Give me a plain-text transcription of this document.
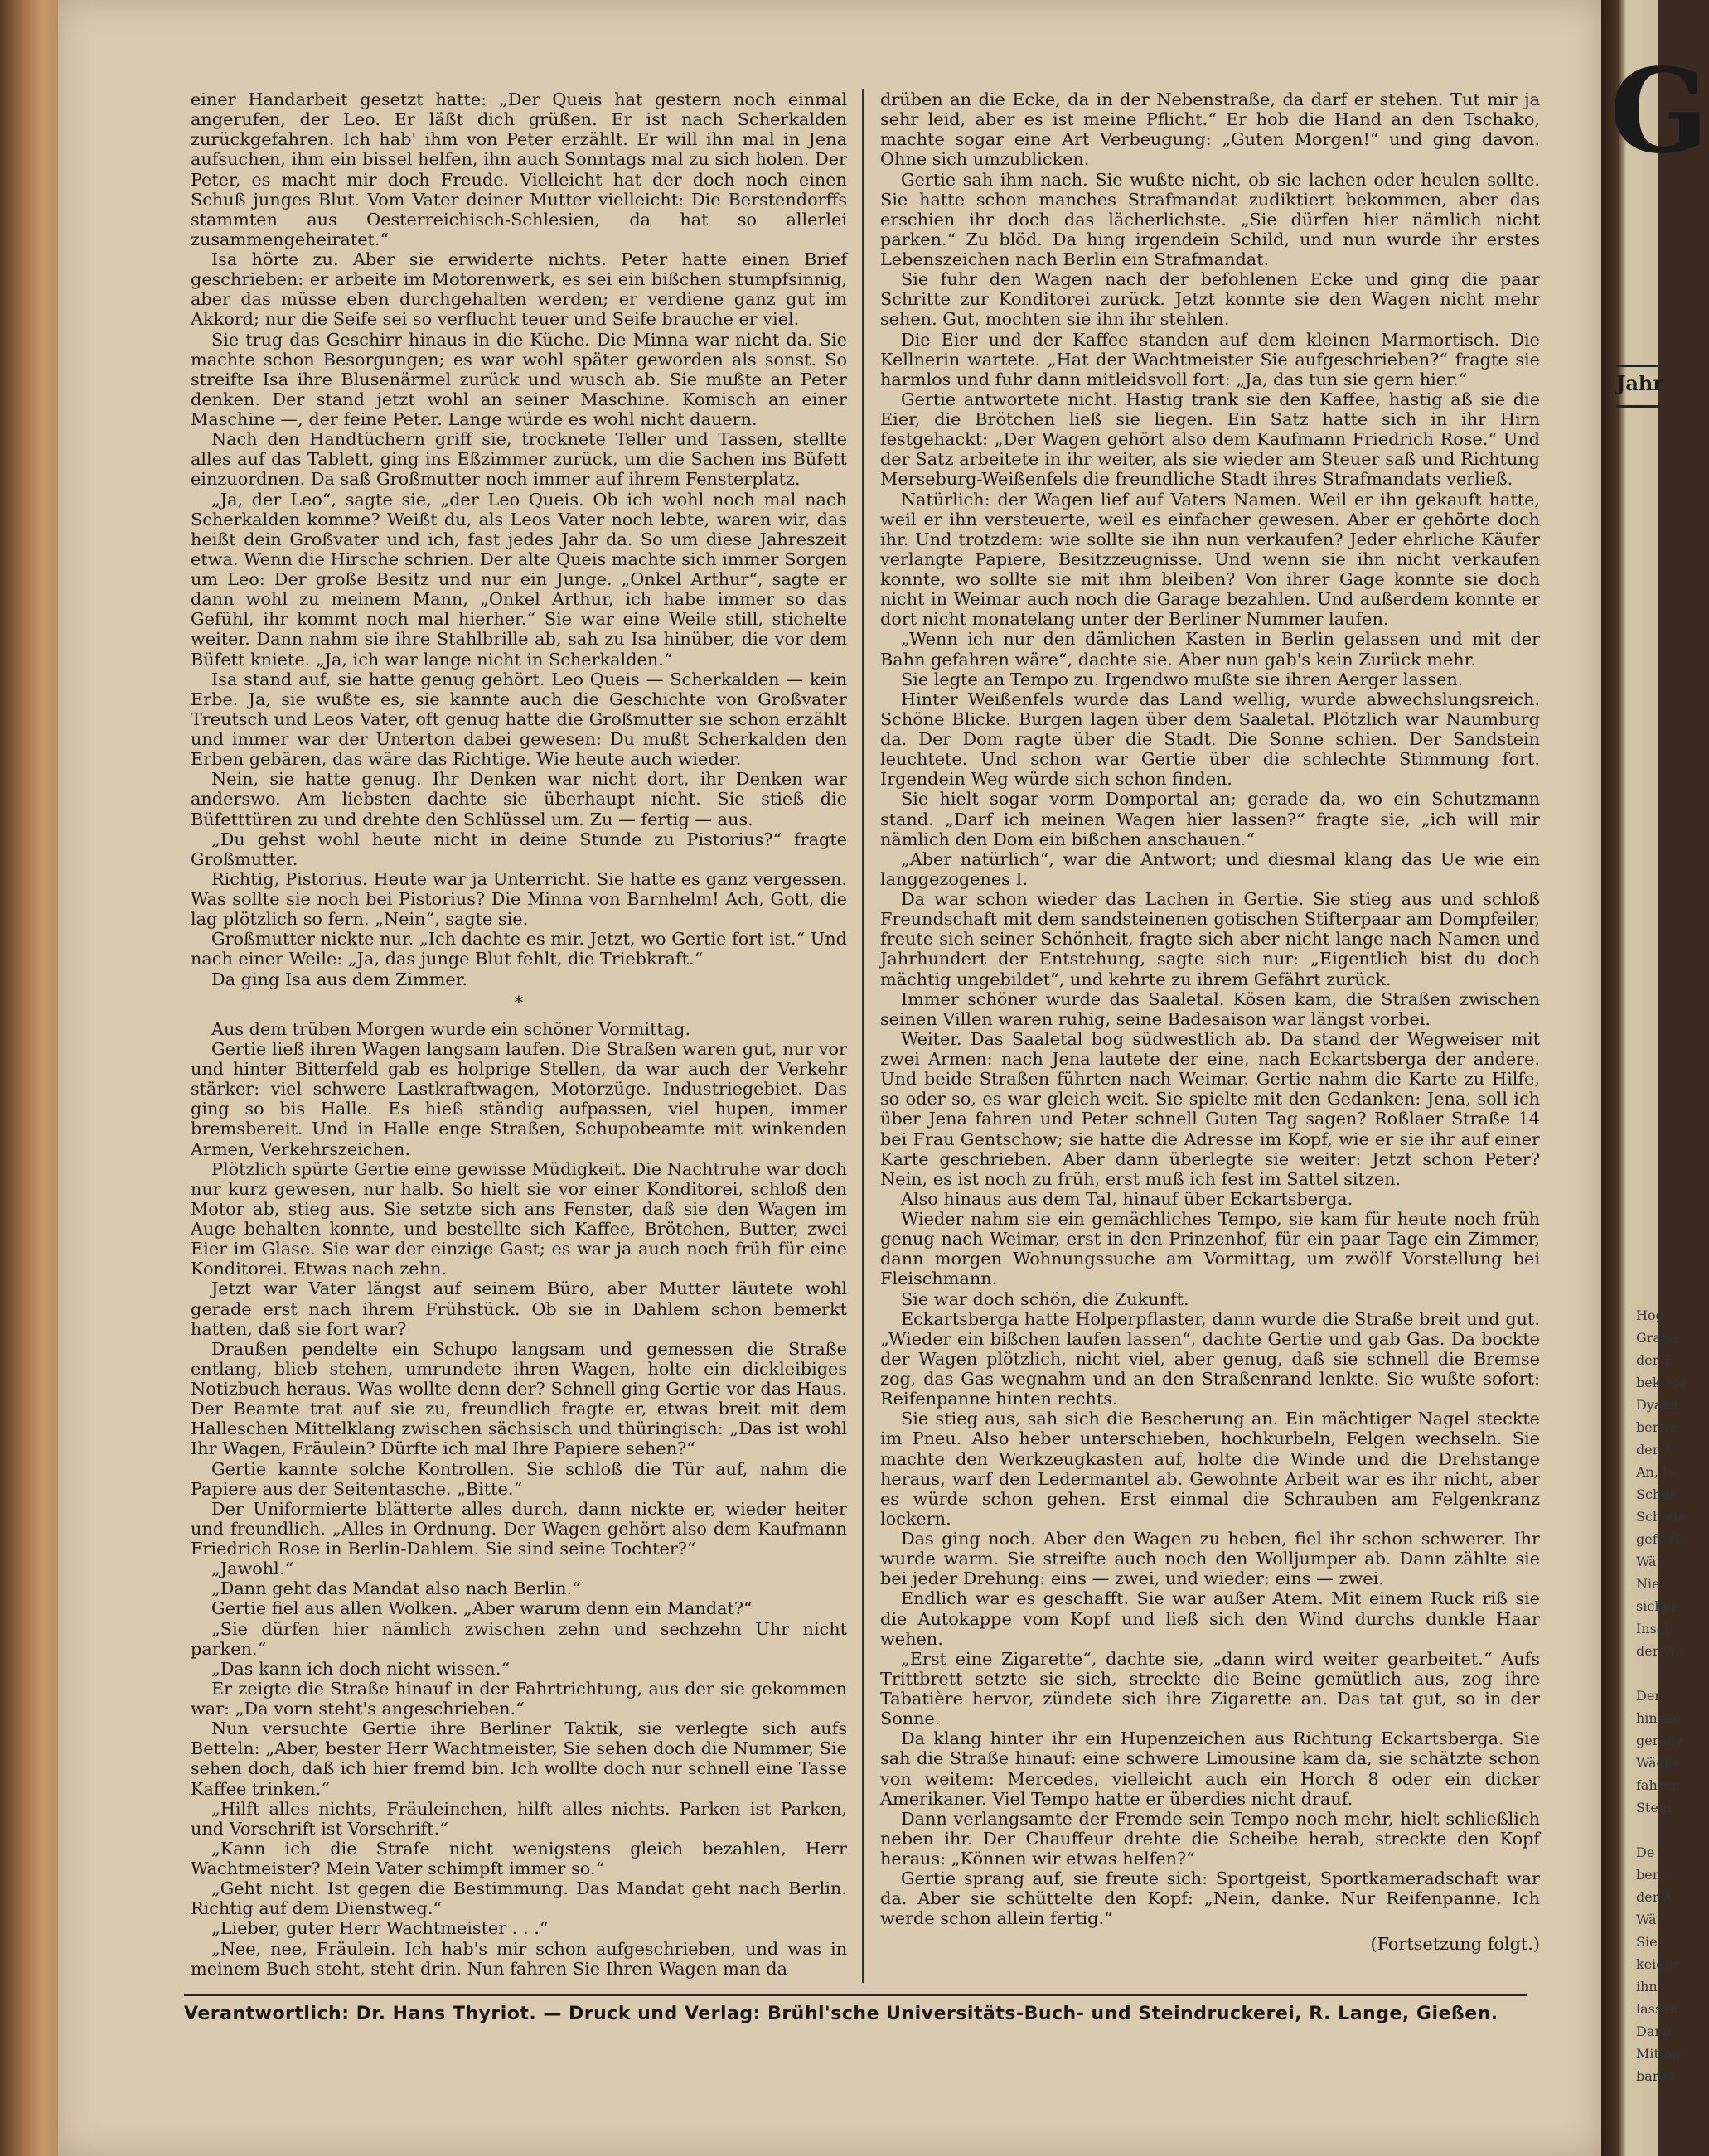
einer Handarbeit gesetzt hatte: „Der Queis hat gestern noch einmal angerufen, der Leo. Er läßt dich grüßen. Er ist nach Scherkalden zurückgefahren. Ich hab' ihm von Peter erzählt. Er will ihn mal in Jena aufsuchen, ihm ein bissel helfen, ihn auch Sonntags mal zu sich holen. Der Peter, es macht mir doch Freude. Vielleicht hat der doch noch einen Schuß junges Blut. Vom Vater deiner Mutter vielleicht: Die Berstendorffs stammten aus Oesterreichisch-Schlesien, da hat so allerlei zusammengeheiratet.“

Isa hörte zu. Aber sie erwiderte nichts. Peter hatte einen Brief geschrieben: er arbeite im Motorenwerk, es sei ein bißchen stumpfsinnig, aber das müsse eben durchgehalten werden; er verdiene ganz gut im Akkord; nur die Seife sei so verflucht teuer und Seife brauche er viel.

Sie trug das Geschirr hinaus in die Küche. Die Minna war nicht da. Sie machte schon Besorgungen; es war wohl später geworden als sonst. So streifte Isa ihre Blusenärmel zurück und wusch ab. Sie mußte an Peter denken. Der stand jetzt wohl an seiner Maschine. Komisch an einer Maschine —, der feine Peter. Lange würde es wohl nicht dauern.

Nach den Handtüchern griff sie, trocknete Teller und Tassen, stellte alles auf das Tablett, ging ins Eßzimmer zurück, um die Sachen ins Büfett einzuordnen. Da saß Großmutter noch immer auf ihrem Fensterplatz.

„Ja, der Leo“, sagte sie, „der Leo Queis. Ob ich wohl noch mal nach Scherkalden komme? Weißt du, als Leos Vater noch lebte, waren wir, das heißt dein Großvater und ich, fast jedes Jahr da. So um diese Jahreszeit etwa. Wenn die Hirsche schrien. Der alte Queis machte sich immer Sorgen um Leo: Der große Besitz und nur ein Junge. „Onkel Arthur“, sagte er dann wohl zu meinem Mann, „Onkel Arthur, ich habe immer so das Gefühl, ihr kommt noch mal hierher.“ Sie war eine Weile still, stichelte weiter. Dann nahm sie ihre Stahlbrille ab, sah zu Isa hinüber, die vor dem Büfett kniete. „Ja, ich war lange nicht in Scherkalden.“

Isa stand auf, sie hatte genug gehört. Leo Queis — Scherkalden — kein Erbe. Ja, sie wußte es, sie kannte auch die Geschichte von Großvater Treutsch und Leos Vater, oft genug hatte die Großmutter sie schon erzählt und immer war der Unterton dabei gewesen: Du mußt Scherkalden den Erben gebären, das wäre das Richtige. Wie heute auch wieder.

Nein, sie hatte genug. Ihr Denken war nicht dort, ihr Denken war anderswo. Am liebsten dachte sie überhaupt nicht. Sie stieß die Büfetttüren zu und drehte den Schlüssel um. Zu — fertig — aus.

„Du gehst wohl heute nicht in deine Stunde zu Pistorius?“ fragte Großmutter.

Richtig, Pistorius. Heute war ja Unterricht. Sie hatte es ganz vergessen. Was sollte sie noch bei Pistorius? Die Minna von Barnhelm! Ach, Gott, die lag plötzlich so fern. „Nein“, sagte sie.

Großmutter nickte nur. „Ich dachte es mir. Jetzt, wo Gertie fort ist.“ Und nach einer Weile: „Ja, das junge Blut fehlt, die Triebkraft.“

Da ging Isa aus dem Zimmer.

*

Aus dem trüben Morgen wurde ein schöner Vormittag.

Gertie ließ ihren Wagen langsam laufen. Die Straßen waren gut, nur vor und hinter Bitterfeld gab es holprige Stellen, da war auch der Verkehr stärker: viel schwere Lastkraftwagen, Motorzüge. Industriegebiet. Das ging so bis Halle. Es hieß ständig aufpassen, viel hupen, immer bremsbereit. Und in Halle enge Straßen, Schupobeamte mit winkenden Armen, Verkehrszeichen.

Plötzlich spürte Gertie eine gewisse Müdigkeit. Die Nachtruhe war doch nur kurz gewesen, nur halb. So hielt sie vor einer Konditorei, schloß den Motor ab, stieg aus. Sie setzte sich ans Fenster, daß sie den Wagen im Auge behalten konnte, und bestellte sich Kaffee, Brötchen, Butter, zwei Eier im Glase. Sie war der einzige Gast; es war ja auch noch früh für eine Konditorei. Etwas nach zehn.

Jetzt war Vater längst auf seinem Büro, aber Mutter läutete wohl gerade erst nach ihrem Frühstück. Ob sie in Dahlem schon bemerkt hatten, daß sie fort war?

Draußen pendelte ein Schupo langsam und gemessen die Straße entlang, blieb stehen, umrundete ihren Wagen, holte ein dickleibiges Notizbuch heraus. Was wollte denn der? Schnell ging Gertie vor das Haus. Der Beamte trat auf sie zu, freundlich fragte er, etwas breit mit dem Halleschen Mittelklang zwischen sächsisch und thüringisch: „Das ist wohl Ihr Wagen, Fräulein? Dürfte ich mal Ihre Papiere sehen?“

Gertie kannte solche Kontrollen. Sie schloß die Tür auf, nahm die Papiere aus der Seitentasche. „Bitte.“

Der Uniformierte blätterte alles durch, dann nickte er, wieder heiter und freundlich. „Alles in Ordnung. Der Wagen gehört also dem Kaufmann Friedrich Rose in Berlin-Dahlem. Sie sind seine Tochter?“

„Jawohl.“

„Dann geht das Mandat also nach Berlin.“

Gertie fiel aus allen Wolken. „Aber warum denn ein Mandat?“

„Sie dürfen hier nämlich zwischen zehn und sechzehn Uhr nicht parken.“

„Das kann ich doch nicht wissen.“

Er zeigte die Straße hinauf in der Fahrtrichtung, aus der sie gekommen war: „Da vorn steht's angeschrieben.“

Nun versuchte Gertie ihre Berliner Taktik, sie verlegte sich aufs Betteln: „Aber, bester Herr Wachtmeister, Sie sehen doch die Nummer, Sie sehen doch, daß ich hier fremd bin. Ich wollte doch nur schnell eine Tasse Kaffee trinken.“

„Hilft alles nichts, Fräuleinchen, hilft alles nichts. Parken ist Parken, und Vorschrift ist Vorschrift.“

„Kann ich die Strafe nicht wenigstens gleich bezahlen, Herr Wachtmeister? Mein Vater schimpft immer so.“

„Geht nicht. Ist gegen die Bestimmung. Das Mandat geht nach Berlin. Richtig auf dem Dienstweg.“

„Lieber, guter Herr Wachtmeister . . .“

„Nee, nee, Fräulein. Ich hab's mir schon aufgeschrieben, und was in meinem Buch steht, steht drin. Nun fahren Sie Ihren Wagen man da

drüben an die Ecke, da in der Nebenstraße, da darf er stehen. Tut mir ja sehr leid, aber es ist meine Pflicht.“ Er hob die Hand an den Tschako, machte sogar eine Art Verbeugung: „Guten Morgen!“ und ging davon. Ohne sich umzublicken.

Gertie sah ihm nach. Sie wußte nicht, ob sie lachen oder heulen sollte. Sie hatte schon manches Strafmandat zudiktiert bekommen, aber das erschien ihr doch das lächerlichste. „Sie dürfen hier nämlich nicht parken.“ Zu blöd. Da hing irgendein Schild, und nun wurde ihr erstes Lebenszeichen nach Berlin ein Strafmandat.

Sie fuhr den Wagen nach der befohlenen Ecke und ging die paar Schritte zur Konditorei zurück. Jetzt konnte sie den Wagen nicht mehr sehen. Gut, mochten sie ihn ihr stehlen.

Die Eier und der Kaffee standen auf dem kleinen Marmortisch. Die Kellnerin wartete. „Hat der Wachtmeister Sie aufgeschrieben?“ fragte sie harmlos und fuhr dann mitleidsvoll fort: „Ja, das tun sie gern hier.“

Gertie antwortete nicht. Hastig trank sie den Kaffee, hastig aß sie die Eier, die Brötchen ließ sie liegen. Ein Satz hatte sich in ihr Hirn festgehackt: „Der Wagen gehört also dem Kaufmann Friedrich Rose.“ Und der Satz arbeitete in ihr weiter, als sie wieder am Steuer saß und Richtung Merseburg-Weißenfels die freundliche Stadt ihres Strafmandats verließ.

Natürlich: der Wagen lief auf Vaters Namen. Weil er ihn gekauft hatte, weil er ihn versteuerte, weil es einfacher gewesen. Aber er gehörte doch ihr. Und trotzdem: wie sollte sie ihn nun verkaufen? Jeder ehrliche Käufer verlangte Papiere, Besitzzeugnisse. Und wenn sie ihn nicht verkaufen konnte, wo sollte sie mit ihm bleiben? Von ihrer Gage konnte sie doch nicht in Weimar auch noch die Garage bezahlen. Und außerdem konnte er dort nicht monatelang unter der Berliner Nummer laufen.

„Wenn ich nur den dämlichen Kasten in Berlin gelassen und mit der Bahn gefahren wäre“, dachte sie. Aber nun gab's kein Zurück mehr.

Sie legte an Tempo zu. Irgendwo mußte sie ihren Aerger lassen.

Hinter Weißenfels wurde das Land wellig, wurde abwechslungsreich. Schöne Blicke. Burgen lagen über dem Saaletal. Plötzlich war Naumburg da. Der Dom ragte über die Stadt. Die Sonne schien. Der Sandstein leuchtete. Und schon war Gertie über die schlechte Stimmung fort. Irgendein Weg würde sich schon finden.

Sie hielt sogar vorm Domportal an; gerade da, wo ein Schutzmann stand. „Darf ich meinen Wagen hier lassen?“ fragte sie, „ich will mir nämlich den Dom ein bißchen anschauen.“

„Aber natürlich“, war die Antwort; und diesmal klang das Ue wie ein langgezogenes I.

Da war schon wieder das Lachen in Gertie. Sie stieg aus und schloß Freundschaft mit dem sandsteinenen gotischen Stifterpaar am Dompfeiler, freute sich seiner Schönheit, fragte sich aber nicht lange nach Namen und Jahrhundert der Entstehung, sagte sich nur: „Eigentlich bist du doch mächtig ungebildet“, und kehrte zu ihrem Gefährt zurück.

Immer schöner wurde das Saaletal. Kösen kam, die Straßen zwischen seinen Villen waren ruhig, seine Badesaison war längst vorbei.

Weiter. Das Saaletal bog südwestlich ab. Da stand der Wegweiser mit zwei Armen: nach Jena lautete der eine, nach Eckartsberga der andere. Und beide Straßen führten nach Weimar. Gertie nahm die Karte zu Hilfe, so oder so, es war gleich weit. Sie spielte mit den Gedanken: Jena, soll ich über Jena fahren und Peter schnell Guten Tag sagen? Roßlaer Straße 14 bei Frau Gentschow; sie hatte die Adresse im Kopf, wie er sie ihr auf einer Karte geschrieben. Aber dann überlegte sie weiter: Jetzt schon Peter? Nein, es ist noch zu früh, erst muß ich fest im Sattel sitzen.

Also hinaus aus dem Tal, hinauf über Eckartsberga.

Wieder nahm sie ein gemächliches Tempo, sie kam für heute noch früh genug nach Weimar, erst in den Prinzenhof, für ein paar Tage ein Zimmer, dann morgen Wohnungssuche am Vormittag, um zwölf Vorstellung bei Fleischmann.

Sie war doch schön, die Zukunft.

Eckartsberga hatte Holperpflaster, dann wurde die Straße breit und gut. „Wieder ein bißchen laufen lassen“, dachte Gertie und gab Gas. Da bockte der Wagen plötzlich, nicht viel, aber genug, daß sie schnell die Bremse zog, das Gas wegnahm und an den Straßenrand lenkte. Sie wußte sofort: Reifenpanne hinten rechts.

Sie stieg aus, sah sich die Bescherung an. Ein mächtiger Nagel steckte im Pneu. Also heber unterschieben, hochkurbeln, Felgen wechseln. Sie machte den Werkzeugkasten auf, holte die Winde und die Drehstange heraus, warf den Ledermantel ab. Gewohnte Arbeit war es ihr nicht, aber es würde schon gehen. Erst einmal die Schrauben am Felgenkranz lockern.

Das ging noch. Aber den Wagen zu heben, fiel ihr schon schwerer. Ihr wurde warm. Sie streifte auch noch den Wolljumper ab. Dann zählte sie bei jeder Drehung: eins — zwei, und wieder: eins — zwei.

Endlich war es geschafft. Sie war außer Atem. Mit einem Ruck riß sie die Autokappe vom Kopf und ließ sich den Wind durchs dunkle Haar wehen.

„Erst eine Zigarette“, dachte sie, „dann wird weiter gearbeitet.“ Aufs Trittbrett setzte sie sich, streckte die Beine gemütlich aus, zog ihre Tabatière hervor, zündete sich ihre Zigarette an. Das tat gut, so in der Sonne.

Da klang hinter ihr ein Hupenzeichen aus Richtung Eckartsberga. Sie sah die Straße hinauf: eine schwere Limousine kam da, sie schätzte schon von weitem: Mercedes, vielleicht auch ein Horch 8 oder ein dicker Amerikaner. Viel Tempo hatte er überdies nicht drauf.

Dann verlangsamte der Fremde sein Tempo noch mehr, hielt schließlich neben ihr. Der Chauffeur drehte die Scheibe herab, streckte den Kopf heraus: „Können wir etwas helfen?“

Gertie sprang auf, sie freute sich: Sportgeist, Sportkameradschaft war da. Aber sie schüttelte den Kopf: „Nein, danke. Nur Reifenpanne. Ich werde schon allein fertig.“

(Fortsetzung folgt.)

Verantwortlich: Dr. Hans Thyriot. — Druck und Verlag: Brühl'sche Universitäts-Buch- und Steindruckerei, R. Lange, Gießen.
G
Jahr
Hog
Grage
der E
bek Ma
Dyans
berrie
der A
An, Ie
Schne
Schiebe
gefiarb
Wä
Nie
sicher
Insel
der Wa
Der
hinsau
gerade
Wäche
fahren
Stein,
De
ben v
der A
Wä
Sie
keider
ihn
lassen
Dann
Mittag
bares.
